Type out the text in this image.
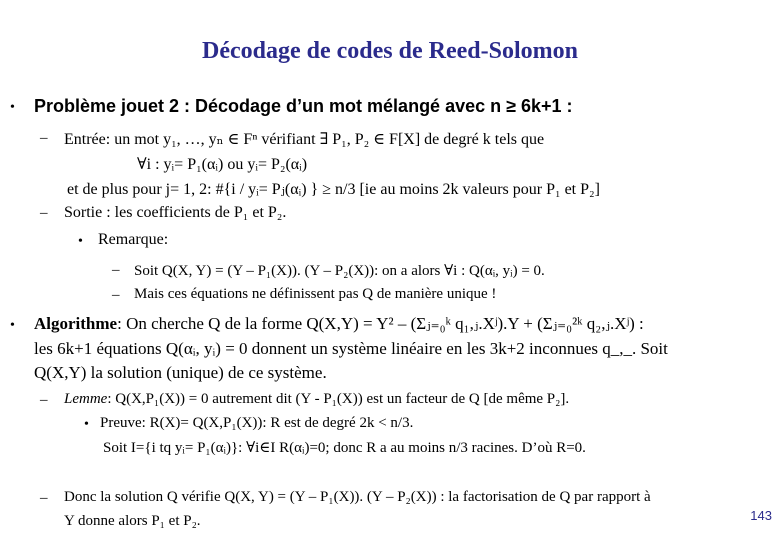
Décodage de codes de Reed-Solomon
• Problème jouet 2 : Décodage d’un mot mélangé avec n ≥ 6k+1 :
– Entrée: un mot y₁, …, yₙ ∈ Fⁿ vérifiant ∃ P₁, P₂ ∈ F[X] de degré k tels que
∀i : yᵢ= P₁(αᵢ) ou yᵢ= P₂(αᵢ)
et de plus pour j= 1, 2: #{i / yᵢ= Pⱼ(αᵢ) } ≥ n/3 [ie au moins 2k valeurs pour P₁ et P₂]
– Sortie : les coefficients de P₁ et P₂.
• Remarque:
– Soit Q(X, Y) = (Y – P₁(X)). (Y – P₂(X)): on a alors ∀i : Q(αᵢ, yᵢ) = 0.
– Mais ces équations ne définissent pas Q de manière unique !
• Algorithme: On cherche Q de la forme Q(X,Y) = Y² – (Σⱼ₌₀ᵏ q₁,ⱼ.Xʲ).Y + (Σⱼ₌₀²ᵏ q₂,ⱼ.Xʲ) :
les 6k+1 équations Q(αᵢ, yᵢ) = 0 donnent un système linéaire en les 3k+2 inconnues q_,_. Soit
Q(X,Y) la solution (unique) de ce système.
– Lemme: Q(X,P₁(X)) = 0 autrement dit (Y - P₁(X)) est un facteur de Q [de même P₂].
• Preuve: R(X)= Q(X,P₁(X)): R est de degré 2k < n/3.
Soit I={i tq yᵢ= P₁(αᵢ)}: ∀i∈I R(αᵢ)=0; donc R a au moins n/3 racines. D’où R=0.
– Donc la solution Q vérifie Q(X, Y) = (Y – P₁(X)). (Y – P₂(X)) : la factorisation de Q par rapport à
Y donne alors P₁ et P₂.	143
